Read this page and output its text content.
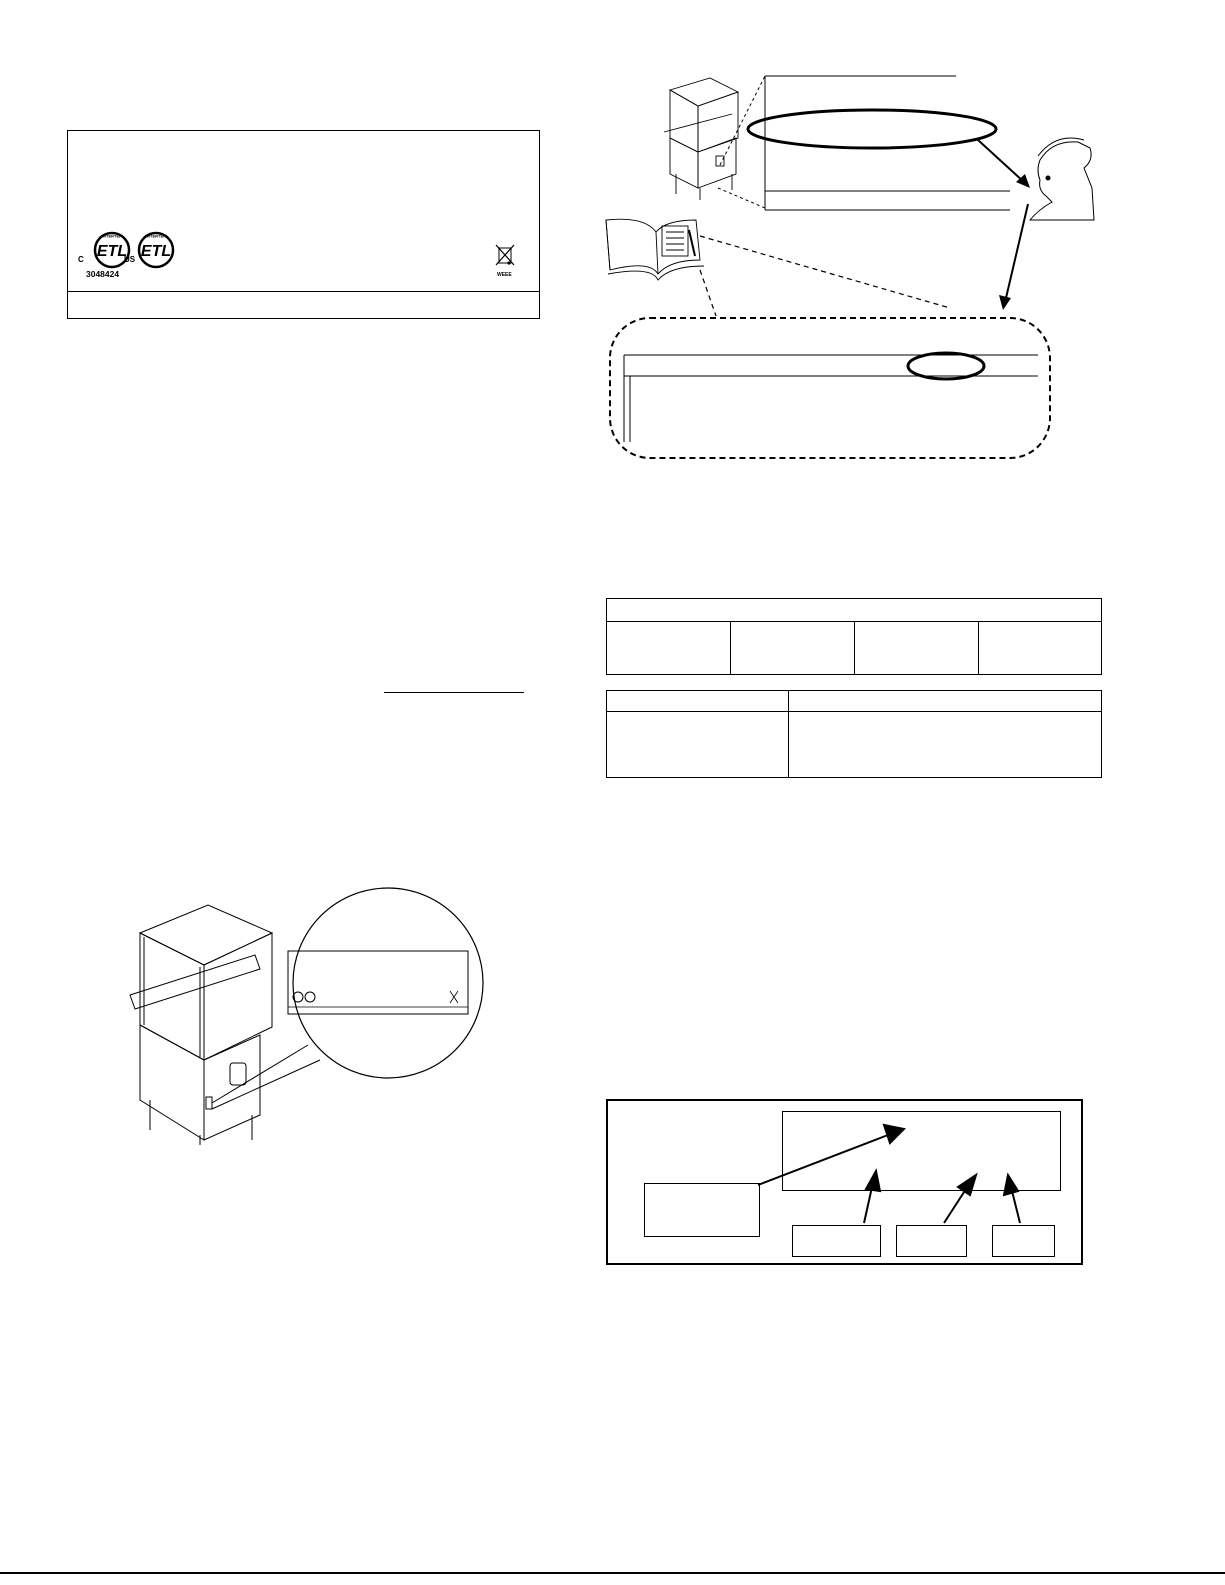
ETL
INTERTEK
C	US
3048424
ETL
INTERTEK
WEEE
